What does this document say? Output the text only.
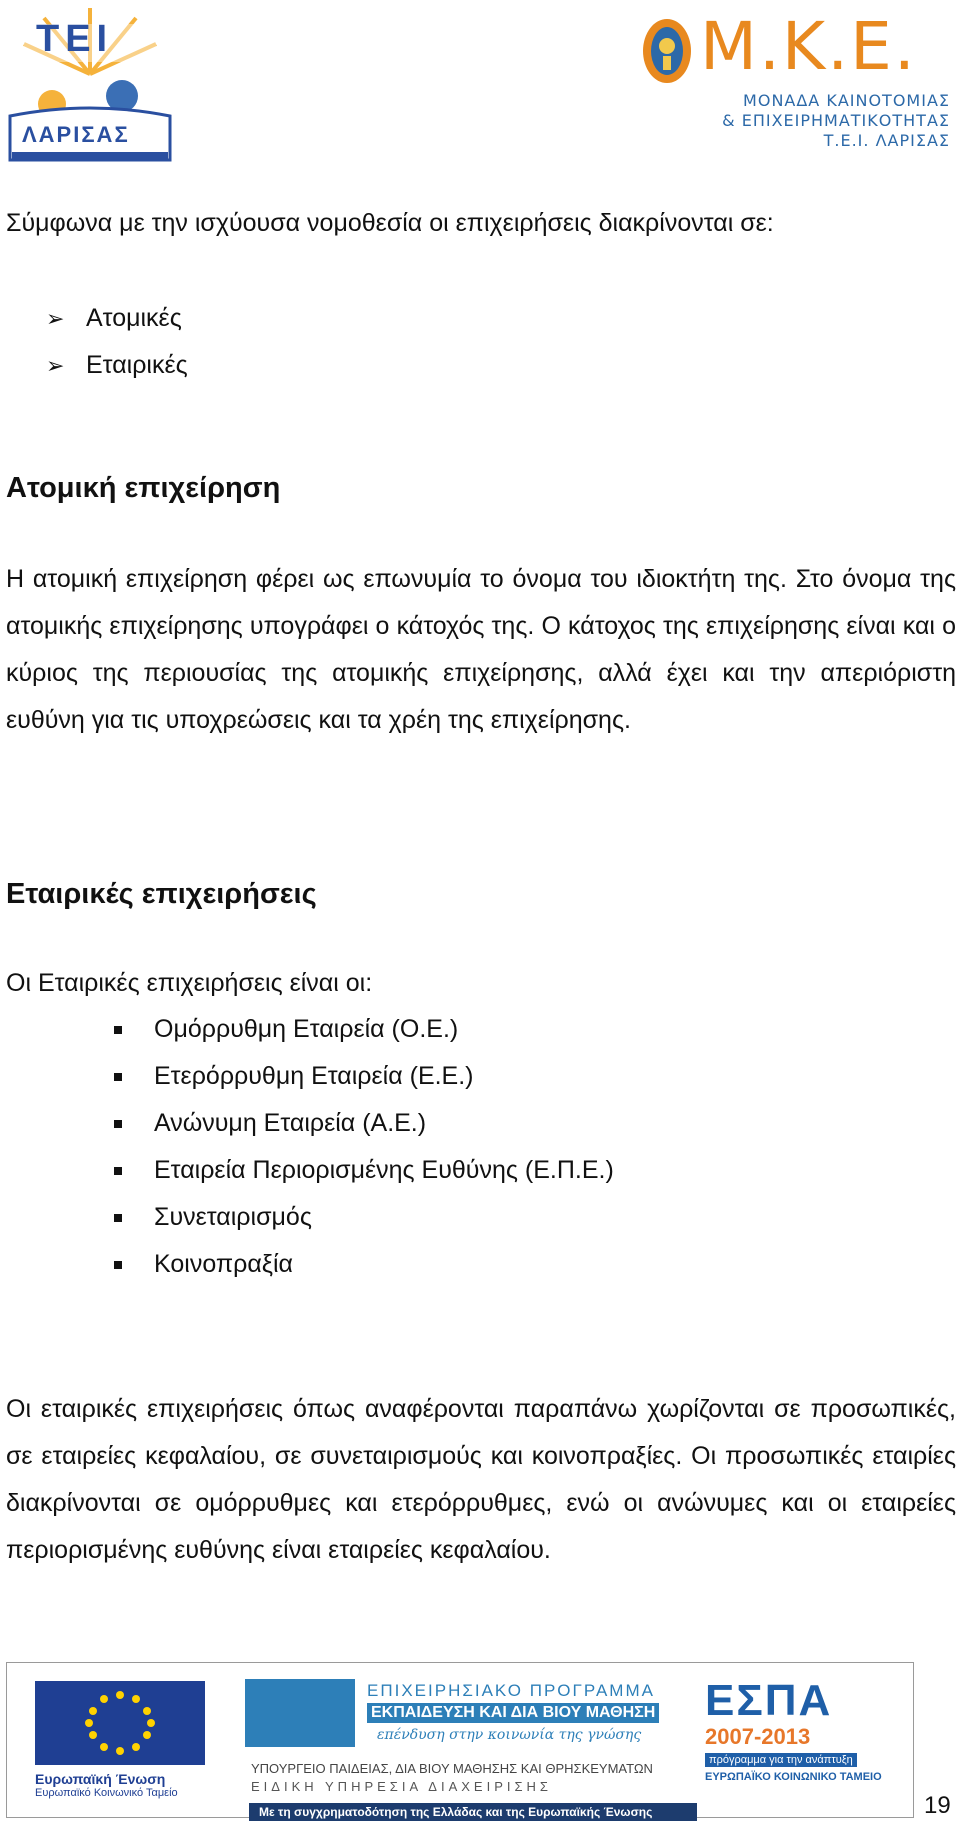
ΤΕΙ
ΛΑΡΙΣΑΣ
Μ.Κ.Ε.
ΜΟΝΑΔΑ ΚΑΙΝΟΤΟΜΙΑΣ
& ΕΠΙΧΕΙΡΗΜΑΤΙΚΟΤΗΤΑΣ
Τ.Ε.Ι. ΛΑΡΙΣΑΣ
Σύμφωνα με την ισχύουσα νομοθεσία οι επιχειρήσεις διακρίνονται σε:
➢ Ατομικές
➢ Εταιρικές
Ατομική επιχείρηση
Η ατομική επιχείρηση φέρει ως επωνυμία το όνομα του ιδιοκτήτη της. Στο όνομα της ατομικής επιχείρησης υπογράφει ο κάτοχός της. Ο κάτοχος της επιχείρησης είναι και ο κύριος της περιουσίας της ατομικής επιχείρησης, αλλά έχει και την απεριόριστη ευθύνη για τις υποχρεώσεις και τα χρέη της επιχείρησης.
Εταιρικές επιχειρήσεις
Οι Εταιρικές επιχειρήσεις είναι οι:
Ομόρρυθμη Εταιρεία (Ο.Ε.)
Ετερόρρυθμη Εταιρεία (Ε.Ε.)
Ανώνυμη Εταιρεία (Α.Ε.)
Εταιρεία Περιορισμένης Ευθύνης (Ε.Π.Ε.)
Συνεταιρισμός
Κοινοπραξία
Οι εταιρικές επιχειρήσεις όπως αναφέρονται παραπάνω χωρίζονται σε προσωπικές, σε εταιρείες κεφαλαίου, σε συνεταιρισμούς και κοινοπραξίες. Οι προσωπικές εταιρίες διακρίνονται σε ομόρρυθμες και ετερόρρυθμες, ενώ οι ανώνυμες και οι εταιρείες περιορισμένης ευθύνης είναι εταιρείες κεφαλαίου.
Ευρωπαϊκή Ένωση
Ευρωπαϊκό Κοινωνικό Ταμείο
ΕΠΙΧΕΙΡΗΣΙΑΚΟ ΠΡΟΓΡΑΜΜΑ
ΕΚΠΑΙΔΕΥΣΗ ΚΑΙ ΔΙΑ ΒΙΟΥ ΜΑΘΗΣΗ
επένδυση στην κοινωνία της γνώσης
ΥΠΟΥΡΓΕΙΟ ΠΑΙΔΕΙΑΣ, ΔΙΑ ΒΙΟΥ ΜΑΘΗΣΗΣ ΚΑΙ ΘΡΗΣΚΕΥΜΑΤΩΝ
ΕΙΔΙΚΗ ΥΠΗΡΕΣΙΑ ΔΙΑΧΕΙΡΙΣΗΣ
Με τη συγχρηματοδότηση της Ελλάδας και της Ευρωπαϊκής Ένωσης
ΕΣΠΑ
2007-2013
πρόγραμμα για την ανάπτυξη
ΕΥΡΩΠΑΪΚΟ ΚΟΙΝΩΝΙΚΟ ΤΑΜΕΙΟ
19
